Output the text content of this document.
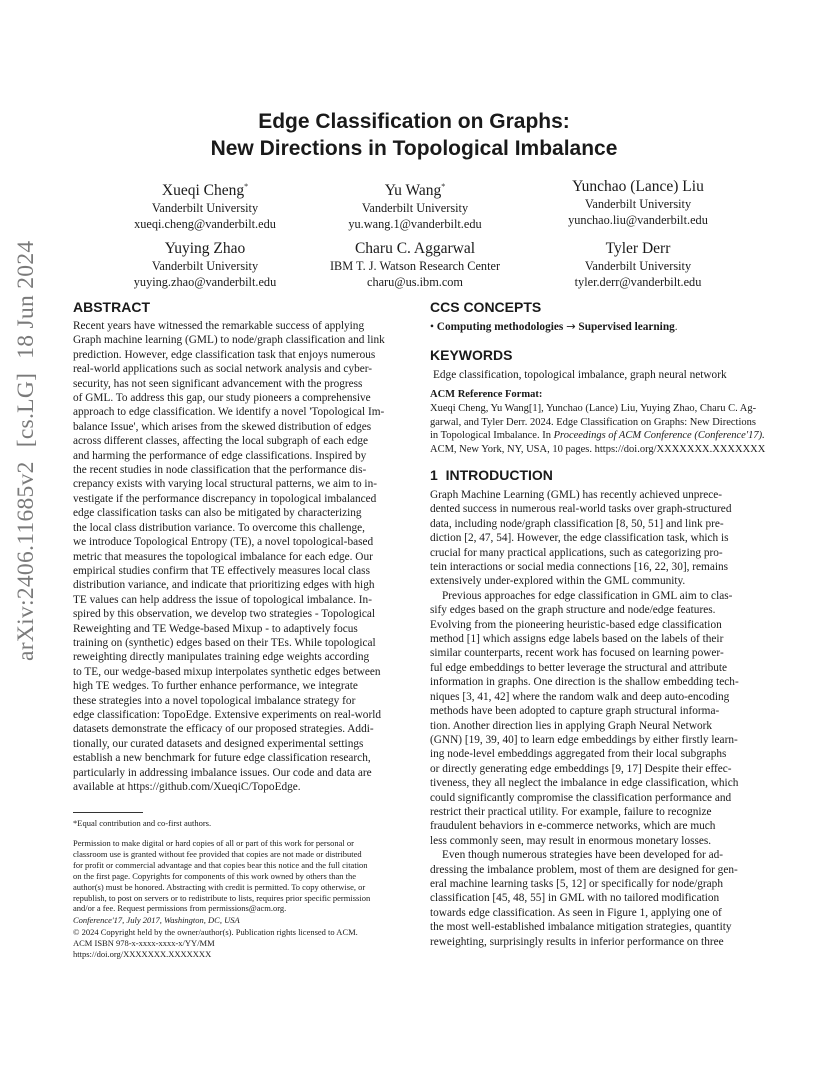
Edge Classification on Graphs:
New Directions in Topological Imbalance
Xueqi Cheng*
Vanderbilt University
xueqi.cheng@vanderbilt.edu
Yu Wang*
Vanderbilt University
yu.wang.1@vanderbilt.edu
Yunchao (Lance) Liu
Vanderbilt University
yunchao.liu@vanderbilt.edu
Yuying Zhao
Vanderbilt University
yuying.zhao@vanderbilt.edu
Charu C. Aggarwal
IBM T. J. Watson Research Center
charu@us.ibm.com
Tyler Derr
Vanderbilt University
tyler.derr@vanderbilt.edu
arXiv:2406.11685v2[cs.LG]18 Jun 2024	ABSTRACT
Recent years have witnessed the remarkable success of applying
Graph machine learning (GML) to node/graph classification and link
prediction. However, edge classification task that enjoys numerous
real-world applications such as social network analysis and cyber-
security, has not seen significant advancement with the progress
of GML. To address this gap, our study pioneers a comprehensive
approach to edge classification. We identify a novel 'Topological Im-
balance Issue', which arises from the skewed distribution of edges
across different classes, affecting the local subgraph of each edge
and harming the performance of edge classifications. Inspired by
the recent studies in node classification that the performance dis-
crepancy exists with varying local structural patterns, we aim to in-
vestigate if the performance discrepancy in topological imbalanced
edge classification tasks can also be mitigated by characterizing
the local class distribution variance. To overcome this challenge,
we introduce Topological Entropy (TE), a novel topological-based
metric that measures the topological imbalance for each edge. Our
empirical studies confirm that TE effectively measures local class
distribution variance, and indicate that prioritizing edges with high
TE values can help address the issue of topological imbalance. In-
spired by this observation, we develop two strategies - Topological
Reweighting and TE Wedge-based Mixup - to adaptively focus
training on (synthetic) edges based on their TEs. While topological
reweighting directly manipulates training edge weights according
to TE, our wedge-based mixup interpolates synthetic edges between
high TE wedges. To further enhance performance, we integrate
these strategies into a novel topological imbalance strategy for
edge classification: TopoEdge. Extensive experiments on real-world
datasets demonstrate the efficacy of our proposed strategies. Addi-
tionally, our curated datasets and designed experimental settings
establish a new benchmark for future edge classification research,
particularly in addressing imbalance issues. Our code and data are
available at https://github.com/XueqiC/TopoEdge.
*Equal contribution and co-first authors.
Permission to make digital or hard copies of all or part of this work for personal or
classroom use is granted without fee provided that copies are not made or distributed
for profit or commercial advantage and that copies bear this notice and the full citation
on the first page. Copyrights for components of this work owned by others than the
author(s) must be honored. Abstracting with credit is permitted. To copy otherwise, or
republish, to post on servers or to redistribute to lists, requires prior specific permission
and/or a fee. Request permissions from permissions@acm.org.
Conference'17, July 2017, Washington, DC, USA
© 2024 Copyright held by the owner/author(s). Publication rights licensed to ACM.
ACM ISBN 978-x-xxxx-xxxx-x/YY/MM
https://doi.org/XXXXXXX.XXXXXXX
CCS CONCEPTS
• Computing methodologies → Supervised learning.
KEYWORDS
Edge classification, topological imbalance, graph neural network
ACM Reference Format:
Xueqi Cheng, Yu Wang[1], Yunchao (Lance) Liu, Yuying Zhao, Charu C. Ag-
garwal, and Tyler Derr. 2024. Edge Classification on Graphs: New Directions
in Topological Imbalance. In Proceedings of ACM Conference (Conference'17).
ACM, New York, NY, USA, 10 pages. https://doi.org/XXXXXXX.XXXXXXX
1 INTRODUCTION
Graph Machine Learning (GML) has recently achieved unprece-
dented success in numerous real-world tasks over graph-structured
data, including node/graph classification [8, 50, 51] and link pre-
diction [2, 47, 54]. However, the edge classification task, which is
crucial for many practical applications, such as categorizing pro-
tein interactions or social media connections [16, 22, 30], remains
extensively under-explored within the GML community.
Previous approaches for edge classification in GML aim to clas-
sify edges based on the graph structure and node/edge features.
Evolving from the pioneering heuristic-based edge classification
method [1] which assigns edge labels based on the labels of their
similar counterparts, recent work has focused on learning power-
ful edge embeddings to better leverage the structural and attribute
information in graphs. One direction is the shallow embedding tech-
niques [3, 41, 42] where the random walk and deep auto-encoding
methods have been adopted to capture graph structural informa-
tion. Another direction lies in applying Graph Neural Network
(GNN) [19, 39, 40] to learn edge embeddings by either firstly learn-
ing node-level embeddings aggregated from their local subgraphs
or directly generating edge embeddings [9, 17] Despite their effec-
tiveness, they all neglect the imbalance in edge classification, which
could significantly compromise the classification performance and
restrict their practical utility. For example, failure to recognize
fraudulent behaviors in e-commerce networks, which are much
less commonly seen, may result in enormous monetary losses.
Even though numerous strategies have been developed for ad-
dressing the imbalance problem, most of them are designed for gen-
eral machine learning tasks [5, 12] or specifically for node/graph
classification [45, 48, 55] in GML with no tailored modification
towards edge classification. As seen in Figure 1, applying one of
the most well-established imbalance mitigation strategies, quantity
reweighting, surprisingly results in inferior performance on three
